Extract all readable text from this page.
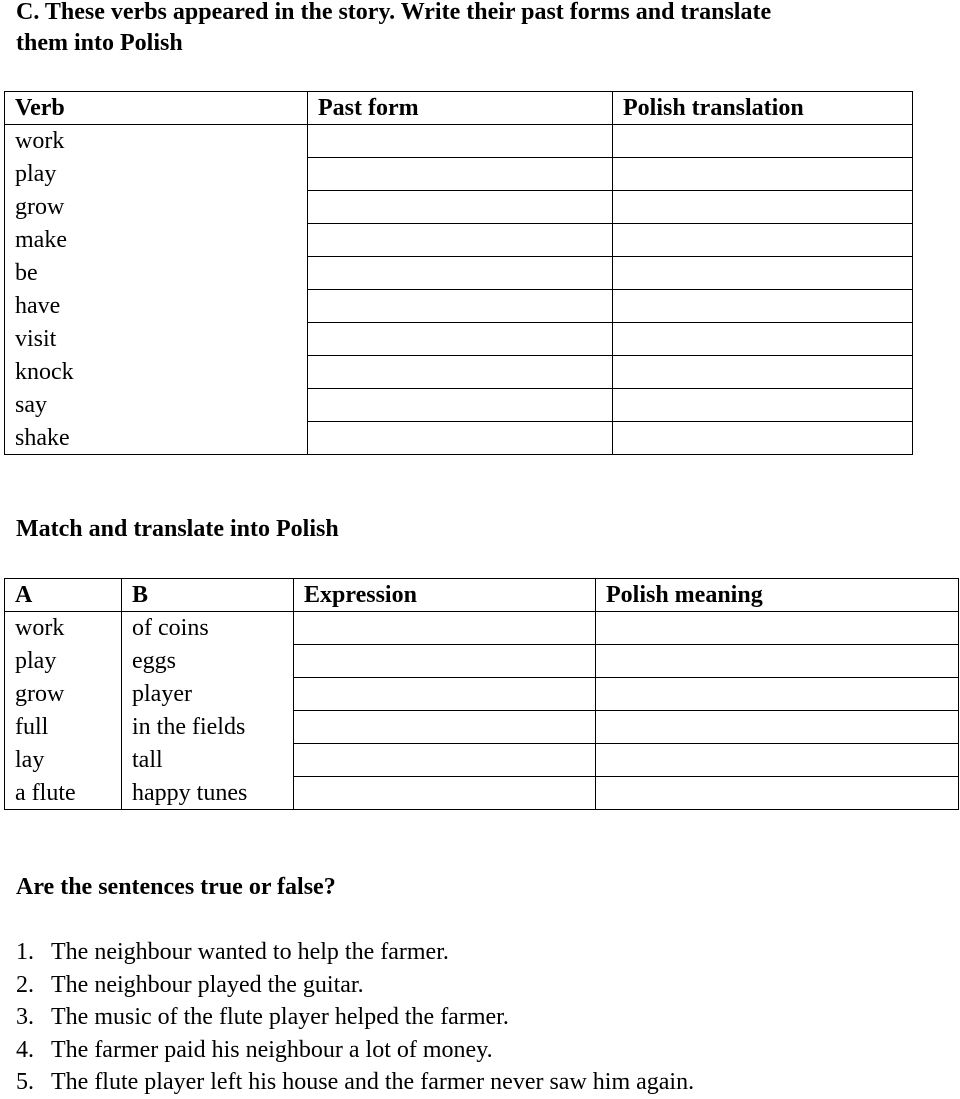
C. These verbs appeared in the story. Write their past forms and translate
them into Polish
Verb	Past form	Polish translation
work		
play		
grow		
make		
be		
have		
visit		
knock		
say		
shake		
Match and translate into Polish
A	B	Expression	Polish meaning
work	of coins		
play	eggs		
grow	player		
full	in the fields		
lay	tall		
a flute	happy tunes		
Are the sentences true or false?
1. The neighbour wanted to help the farmer.
2. The neighbour played the guitar.
3. The music of the flute player helped the farmer.
4. The farmer paid his neighbour a lot of money.
5. The flute player left his house and the farmer never saw him again.
